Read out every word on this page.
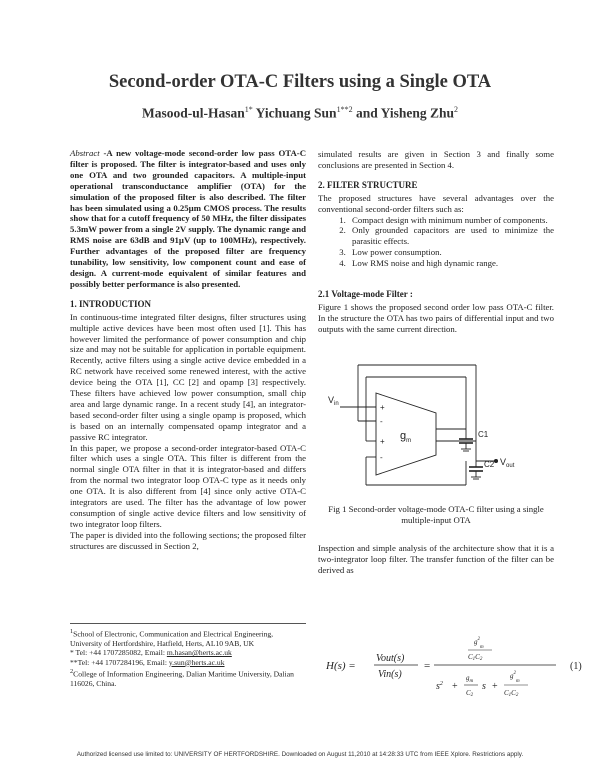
Second-order OTA-C Filters using a Single OTA
Masood-ul-Hasan$^{1*}$ Yichuang Sun$^{1**2}$ and Yisheng Zhu$^2$

Abstract -A new voltage-mode second-order low pass OTA-C filter is proposed. The filter is integrator-based and uses only one OTA and two grounded capacitors. A multiple-input operational transconductance amplifier (OTA) for the simulation of the proposed filter is also described. The filter has been simulated using a 0.25µm CMOS process. The results show that for a cutoff frequency of 50 MHz, the filter dissipates 5.3mW power from a single 2V supply. The dynamic range and RMS noise are 63dB and 91µV (up to 100MHz), respectively. Further advantages of the proposed filter are frequency tunability, low sensitivity, low component count and ease of design. A current-mode equivalent of similar features and possibly better performance is also presented.

1. INTRODUCTION

In continuous-time integrated filter designs, filter structures using multiple active devices have been most often used [1]. This has however limited the performance of power consumption and chip size and may not be suitable for application in portable equipment. Recently, active filters using a single active device embedded in a RC network have received some renewed interest, with the active device being the OTA [1], CC [2] and opamp [3] respectively. These filters have achieved low power consumption, small chip area and large dynamic range. In a recent study [4], an integrator-based second-order filter using a single opamp is proposed, which is based on an internally compensated opamp integrator and a passive RC integrator.

In this paper, we propose a second-order integrator-based OTA-C filter which uses a single OTA. This filter is different from the normal single OTA filter in that it is integrator-based and differs from the normal two integrator loop OTA-C type as it needs only one OTA. It is also different from [4] since only active OTA-C integrators are used. The filter has the advantage of low power consumption of single active device filters and low sensitivity of two integrator loop filters.

The paper is divided into the following sections; the proposed filter structures are discussed in Section 2,

$^1$School of Electronic, Communication and Electrical Engineering, University of Hertfordshire, Hatfield, Herts, AL10 9AB, UK

* Tel: +44 1707285082, Email: m.hasan@herts.ac.uk

**Tel: +44 1707284196, Email: y.sun@herts.ac.uk

$^2$College of Information Engineering, Dalian Maritime University, Dalian 116026, China.

simulated results are given in Section 3 and finally some conclusions are presented in Section 4.

2. FILTER STRUCTURE

The proposed structures have several advantages over the conventional second-order filters such as:

1. Compact design with minimum number of components.
2. Only grounded capacitors are used to minimize the parasitic effects.
3. Low power consumption.
4. Low RMS noise and high dynamic range.

2.1 Voltage-mode Filter :

Figure 1 shows the proposed second order low pass OTA-C filter. In the structure the OTA has two pairs of differential input and two outputs with the same current direction.

$V_{in}$
$V_{out}$
$g_m$
C1
C2
+
-
+
-

Fig 1 Second-order voltage-mode OTA-C filter using a single multiple-input OTA

Inspection and simple analysis of the architecture show that it is a two-integrator loop filter. The transfer function of the filter can be derived as

H(s) =
Vout(s)
Vin(s)
=
$g^2$
m
C1C2
$s^2$ +
$g_m$
C2
s +
$g^2$
m
C1C2
(1)
Authorized licensed use limited to: UNIVERSITY OF HERTFORDSHIRE. Downloaded on August 11,2010 at 14:28:33 UTC from IEEE Xplore. Restrictions apply.
